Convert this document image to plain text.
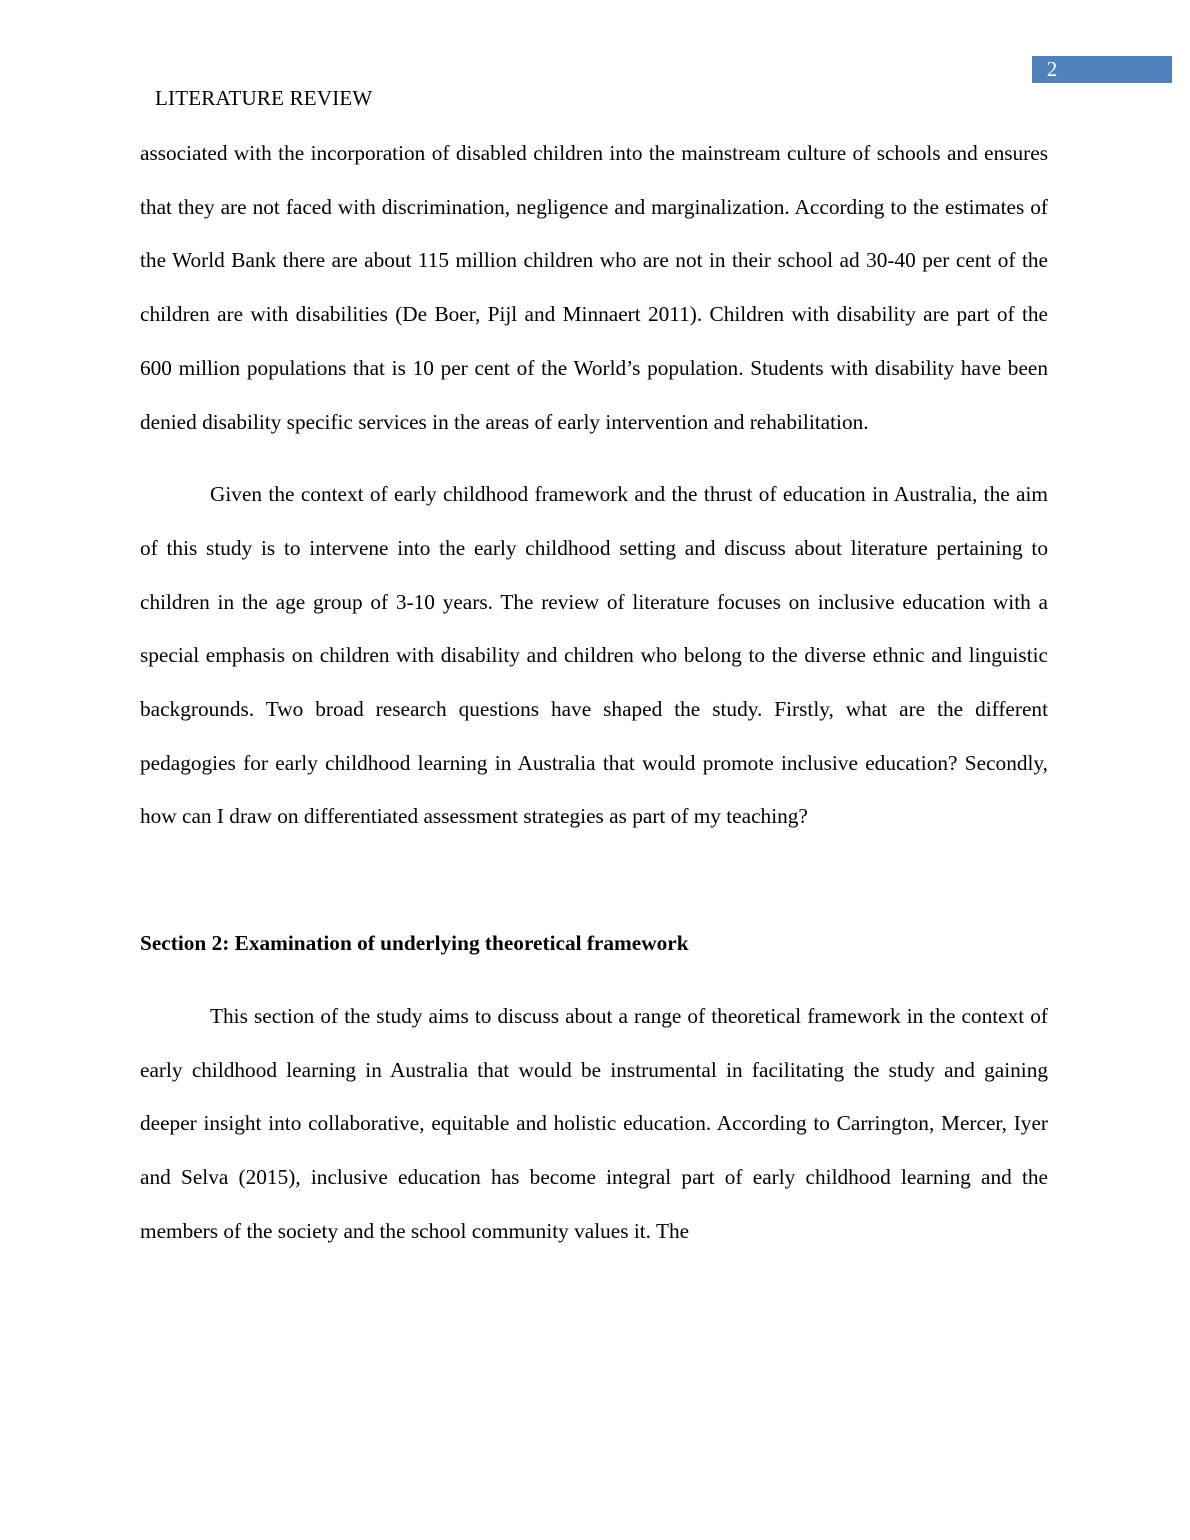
2
LITERATURE REVIEW

associated with the incorporation of disabled children into the mainstream culture of schools and ensures that they are not faced with discrimination, negligence and marginalization. According to the estimates of the World Bank there are about 115 million children who are not in their school ad 30-40 per cent of the children are with disabilities (De Boer, Pijl and Minnaert 2011). Children with disability are part of the 600 million populations that is 10 per cent of the World’s population. Students with disability have been denied disability specific services in the areas of early intervention and rehabilitation.

Given the context of early childhood framework and the thrust of education in Australia, the aim of this study is to intervene into the early childhood setting and discuss about literature pertaining to children in the age group of 3-10 years. The review of literature focuses on inclusive education with a special emphasis on children with disability and children who belong to the diverse ethnic and linguistic backgrounds. Two broad research questions have shaped the study. Firstly, what are the different pedagogies for early childhood learning in Australia that would promote inclusive education? Secondly, how can I draw on differentiated assessment strategies as part of my teaching?

Section 2: Examination of underlying theoretical framework

This section of the study aims to discuss about a range of theoretical framework in the context of early childhood learning in Australia that would be instrumental in facilitating the study and gaining deeper insight into collaborative, equitable and holistic education. According to Carrington, Mercer, Iyer and Selva (2015), inclusive education has become integral part of early childhood learning and the members of the society and the school community values it. The
